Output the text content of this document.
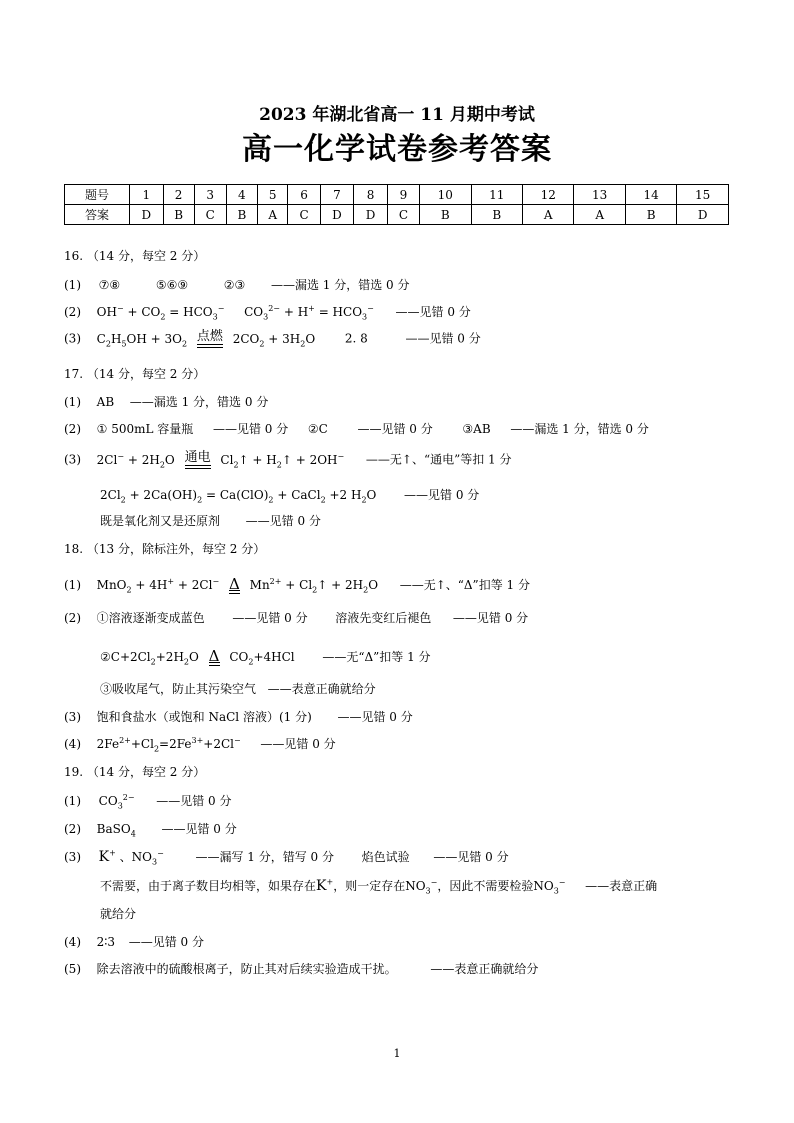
2023 年湖北省高一 11 月期中考试
高一化学试卷参考答案
题号	1	2	3	4	5	6	7	8	9	10	11	12	13	14	15
答案	D	B	C	B	A	C	D	D	C	B	B	A	A	B	D
16. （14 分，每空 2 分）
(1) ⑦⑧	⑤⑥⑨	②③ ——漏选 1 分，错选 0 分
(2) $OH^- + CO_2 = HCO_3^-$ $CO_3^{2-} + H^+ = HCO_3^-$ ——见错 0 分
(3) $C_2H_5OH + 3O_2$ 点燃 $2CO_2 + 3H_2O$ 2. 8	——见错 0 分
17. （14 分，每空 2 分）
(1) AB ——漏选 1 分，错选 0 分
(2) ① 500mL 容量瓶 ——见错 0 分 ②C ——见错 0 分 ③AB ——漏选 1 分，错选 0 分
(3) $2Cl^- + 2H_2O$ 通电 $Cl_2↑$ + $H_2↑ + 2OH^-$ ——无↑、“通电”等扣 1 分
$2Cl_2 + 2Ca(OH)_2 = Ca(ClO)_2$ + CaCl$_2$ +2 $H_2O$ ——见错 0 分
既是氧化剂又是还原剂 ——见错 0 分
18. （13 分，除标注外，每空 2 分）
(1) MnO$_2$ + 4H+ + 2Cl− Δ $Mn^{2+}$ + $Cl_2↑ + 2H_2O$ ——无↑、“Δ”扣等 1 分
(2) ①溶液逐渐变成蓝色 ——见错 0 分 溶液先变红后褪色 ——见错 0 分
$②C+2Cl_2+2H_2O$ Δ $CO_2+4HCl$ ——无“Δ”扣等 1 分
③吸收尾气，防止其污染空气 ——表意正确就给分
(3) 饱和食盐水（或饱和 NaCl 溶液）(1 分) ——见错 0 分
(4) $2Fe^{2+}+Cl_2=2Fe^{3+}+2Cl^-$ ——见错 0 分
19. （14 分，每空 2 分）
(1) $CO_3^{2-}$ ——见错 0 分
(2) BaSO$_4$ ——见错 0 分
(3) K+ 、$NO_3^-$	——漏写 1 分，错写 0 分 焰色试验 ——见错 0 分
不需要，由于离子数目均相等，如果存在K+，则一定存在$NO_3^-$，因此不需要检验$NO_3^-$ ——表意正确
就给分
(4) 2∶3 ——见错 0 分
(5) 除去溶液中的硫酸根离子，防止其对后续实验造成干扰。	——表意正确就给分
1
